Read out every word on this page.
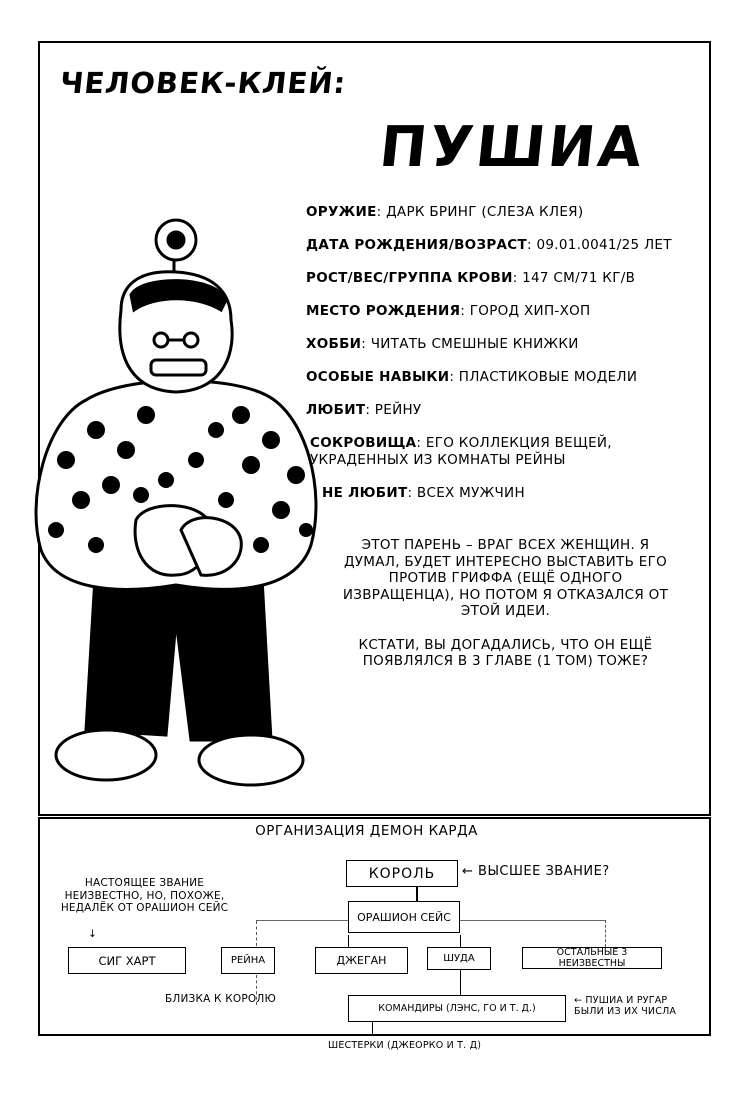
ЧЕЛОВЕК-КЛЕЙ:
ПУШИА
ОРУЖИЕ: ДАРК БРИНГ (СЛЕЗА КЛЕЯ)
ДАТА РОЖДЕНИЯ/ВОЗРАСТ: 09.01.0041/25 ЛЕТ
РОСТ/ВЕС/ГРУППА КРОВИ: 147 СМ/71 КГ/В
МЕСТО РОЖДЕНИЯ: ГОРОД ХИП-ХОП
ХОББИ: ЧИТАТЬ СМЕШНЫЕ КНИЖКИ
ОСОБЫЕ НАВЫКИ: ПЛАСТИКОВЫЕ МОДЕЛИ
ЛЮБИТ: РЕЙНУ
СОКРОВИЩА: ЕГО КОЛЛЕКЦИЯ ВЕЩЕЙ,
УКРАДЕННЫХ ИЗ КОМНАТЫ РЕЙНЫ
НЕ ЛЮБИТ: ВСЕХ МУЖЧИН

ЭТОТ ПАРЕНЬ – ВРАГ ВСЕХ ЖЕНЩИН. Я ДУМАЛ, БУДЕТ ИНТЕРЕСНО ВЫСТАВИТЬ ЕГО ПРОТИВ ГРИФФА (ЕЩЁ ОДНОГО ИЗВРАЩЕНЦА), НО ПОТОМ Я ОТКАЗАЛСЯ ОТ ЭТОЙ ИДЕИ.

КСТАТИ, ВЫ ДОГАДАЛИСЬ, ЧТО ОН ЕЩЁ ПОЯВЛЯЛСЯ В 3 ГЛАВЕ (1 ТОМ) ТОЖЕ?

ОРГАНИЗАЦИЯ ДЕМОН КАРДА
КОРОЛЬ	← ВЫСШЕЕ ЗВАНИЕ?
ОРАШИОН СЕЙС
НАСТОЯЩЕЕ ЗВАНИЕ НЕИЗВЕСТНО, НО, ПОХОЖЕ, НЕДАЛЁК ОТ ОРАШИОН СЕЙС
↓
СИГ ХАРТ	РЕЙНА	ДЖЕГАН	ШУДА
ОСТАЛЬНЫЕ 3 НЕИЗВЕСТНЫ
БЛИЗКА К КОРОЛЮ
КОМАНДИРЫ (ЛЭНС, ГО И Т. Д.)
← ПУШИА И РУГАР БЫЛИ ИЗ ИХ ЧИСЛА
ШЕСТЕРКИ (ДЖЕОРКО И Т. Д)
